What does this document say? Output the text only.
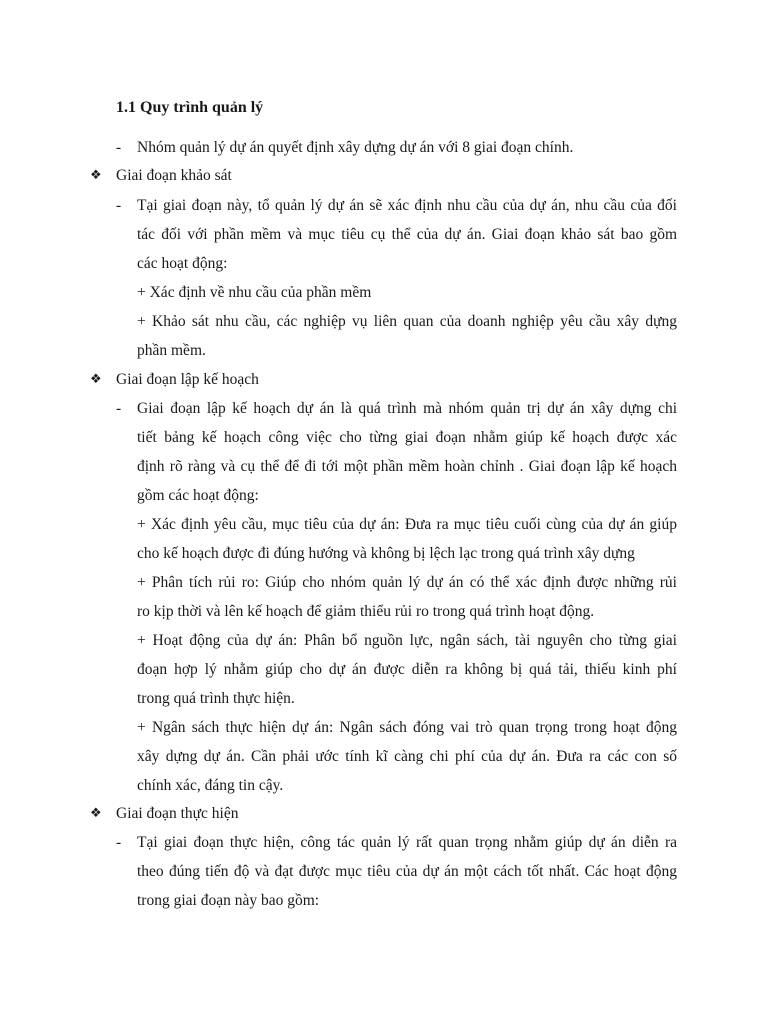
1.1 Quy trình quản lý
- Nhóm quản lý dự án quyết định xây dựng dự án với 8 giai đoạn chính.
❖ Giai đoạn khảo sát
- Tại giai đoạn này, tổ quản lý dự án sẽ xác định nhu cầu của dự án, nhu cầu của đối
tác đối với phần mềm và mục tiêu cụ thể của dự án. Giai đoạn khảo sát bao gồm
các hoạt động:
+ Xác định về nhu cầu của phần mềm
+ Khảo sát nhu cầu, các nghiệp vụ liên quan của doanh nghiệp yêu cầu xây dựng
phần mềm.
❖ Giai đoạn lập kế hoạch
- Giai đoạn lập kế hoạch dự án là quá trình mà nhóm quản trị dự án xây dựng chi
tiết bảng kế hoạch công việc cho từng giai đoạn nhằm giúp kế hoạch được xác
định rõ ràng và cụ thể để đi tới một phần mềm hoàn chỉnh . Giai đoạn lập kế hoạch
gồm các hoạt động:
+ Xác định yêu cầu, mục tiêu của dự án: Đưa ra mục tiêu cuối cùng của dự án giúp
cho kế hoạch được đi đúng hướng và không bị lệch lạc trong quá trình xây dựng
+ Phân tích rủi ro: Giúp cho nhóm quản lý dự án có thể xác định được những rủi
ro kịp thời và lên kế hoạch để giảm thiểu rủi ro trong quá trình hoạt động.
+ Hoạt động của dự án: Phân bổ nguồn lực, ngân sách, tài nguyên cho từng giai
đoạn hợp lý nhằm giúp cho dự án được diễn ra không bị quá tải, thiếu kinh phí
trong quá trình thực hiện.
+ Ngân sách thực hiện dự án: Ngân sách đóng vai trò quan trọng trong hoạt động
xây dựng dự án. Cần phải ước tính kĩ càng chi phí của dự án. Đưa ra các con số
chính xác, đáng tin cậy.
❖ Giai đoạn thực hiện
- Tại giai đoạn thực hiện, công tác quản lý rất quan trọng nhằm giúp dự án diễn ra
theo đúng tiến độ và đạt được mục tiêu của dự án một cách tốt nhất. Các hoạt động
trong giai đoạn này bao gồm:
